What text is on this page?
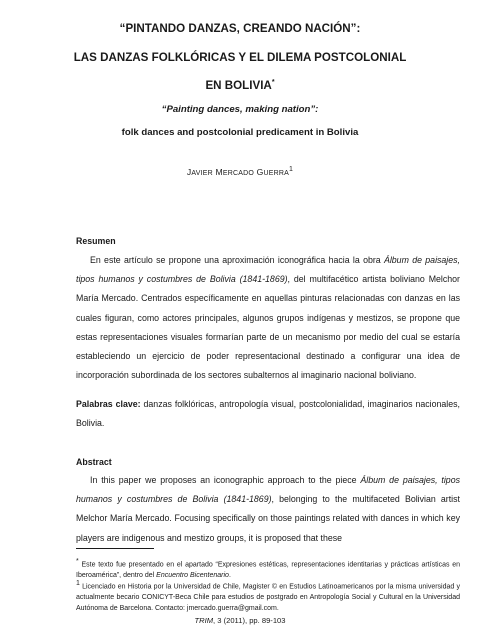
“PINTANDO DANZAS, CREANDO NACIÓN”:
LAS DANZAS FOLKLÓRICAS Y EL DILEMA POSTCOLONIAL
EN BOLIVIA*
“Painting dances, making nation”:
folk dances and postcolonial predicament in Bolivia
JAVIER MERCADO GUERRA$^1$
Resumen

En este artículo se propone una aproximación iconográfica hacia la obra Álbum de paisajes, tipos humanos y costumbres de Bolivia (1841-1869), del multifacético artista boliviano Melchor María Mercado. Centrados específicamente en aquellas pinturas relacionadas con danzas en las cuales figuran, como actores principales, algunos grupos indígenas y mestizos, se propone que estas representaciones visuales formarían parte de un mecanismo por medio del cual se estaría estableciendo un ejercicio de poder representacional destinado a configurar una idea de incorporación subordinada de los sectores subalternos al imaginario nacional boliviano.

Palabras clave: danzas folklóricas, antropología visual, postcolonialidad, imaginarios nacionales, Bolivia.

Abstract

In this paper we proposes an iconographic approach to the piece Álbum de paisajes, tipos humanos y costumbres de Bolivia (1841-1869), belonging to the multifaceted Bolivian artist Melchor María Mercado. Focusing specifically on those paintings related with dances in which key players are indigenous and mestizo groups, it is proposed that these

* Este texto fue presentado en el apartado “Expresiones estéticas, representaciones identitarias y prácticas artísticas en Iberoamérica”, dentro del Encuentro Bicentenario.

1 Licenciado en Historia por la Universidad de Chile, Magister © en Estudios Latinoamericanos por la misma universidad y actualmente becario CONICYT-Beca Chile para estudios de postgrado en Antropología Social y Cultural en la Universidad Autónoma de Barcelona. Contacto: jmercado.guerra@gmail.com.

TRIM, 3 (2011), pp. 89-103
